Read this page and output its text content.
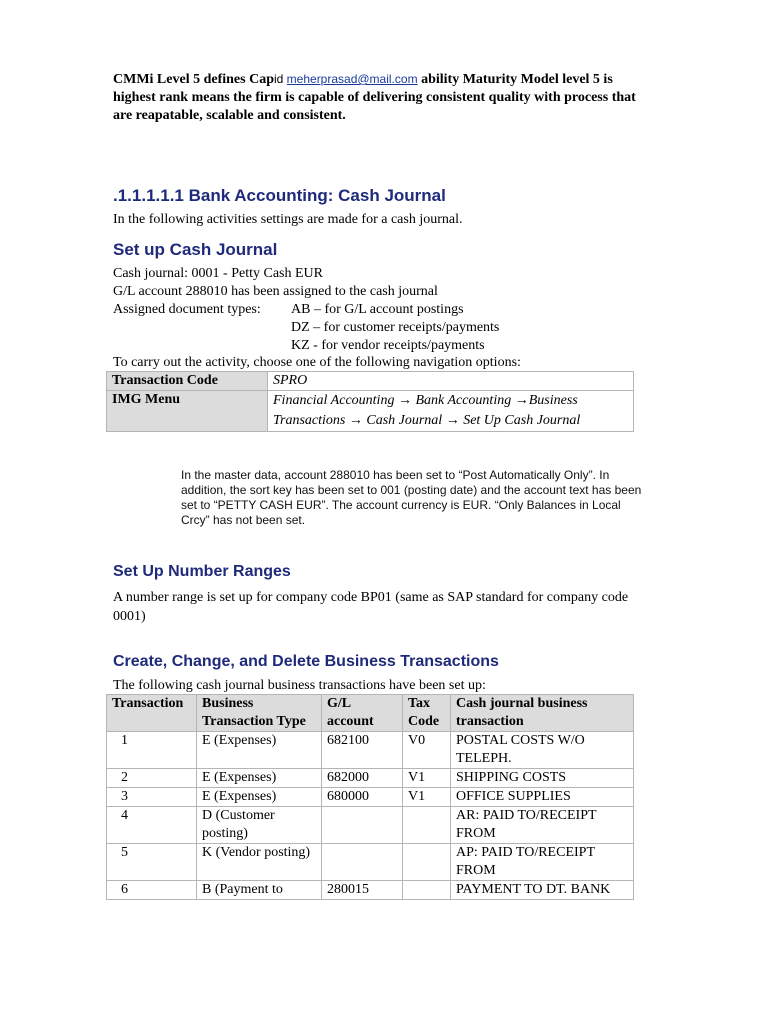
CMMi Level 5 defines Capid meherprasad@mail.com ability Maturity Model level 5 is highest rank means the firm is capable of delivering consistent quality with process that are reapatable, scalable and consistent.
.1.1.1.1.1 Bank Accounting: Cash Journal
In the following activities settings are made for a cash journal.
Set up Cash Journal
Cash journal: 0001 - Petty Cash EUR
G/L account 288010 has been assigned to the cash journal
Assigned document types: AB – for G/L account postings
DZ – for customer receipts/payments
KZ - for vendor receipts/payments
To carry out the activity, choose one of the following navigation options:
Transaction Code	SPRO
IMG Menu	Financial Accounting → Bank Accounting →Business
Transactions → Cash Journal → Set Up Cash Journal
In the master data, account 288010 has been set to “Post Automatically Only”. In addition, the sort key has been set to 001 (posting date) and the account text has been set to “PETTY CASH EUR”. The account currency is EUR. “Only Balances in Local Crcy” has not been set.
Set Up Number Ranges
A number range is set up for company code BP01 (same as SAP standard for company code 0001)
Create, Change, and Delete Business Transactions
The following cash journal business transactions have been set up:
Transaction	Business Transaction Type	G/L account	Tax Code	Cash journal business transaction
1	E (Expenses)	682100	V0	POSTAL COSTS W/O TELEPH.
2	E (Expenses)	682000	V1	SHIPPING COSTS
3	E (Expenses)	680000	V1	OFFICE SUPPLIES
4	D (Customer posting)			AR: PAID TO/RECEIPT FROM
5	K (Vendor posting)			AP: PAID TO/RECEIPT FROM
6	B (Payment to	280015		PAYMENT TO DT. BANK
